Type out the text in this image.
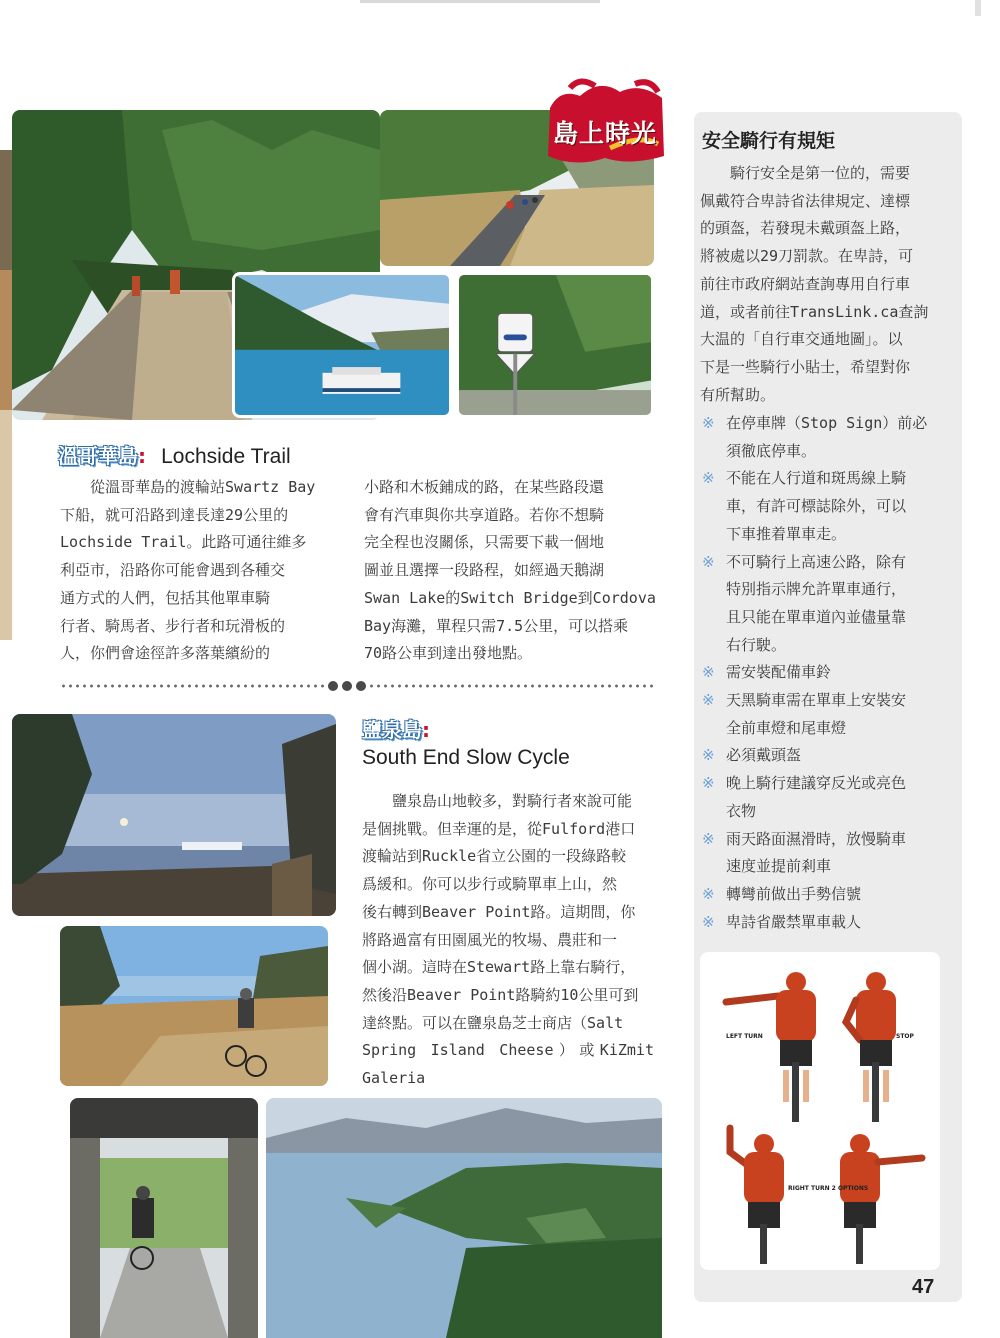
島上時光
溫哥華島: Lochside Trail
　　從溫哥華島的渡輪站Swartz Bay
下船，就可沿路到達長達29公里的
Lochside Trail。此路可通往維多
利亞市，沿路你可能會遇到各種交
通方式的人們，包括其他單車騎
行者、騎馬者、步行者和玩滑板的
人，你們會途徑許多落葉繽紛的
小路和木板鋪成的路，在某些路段還
會有汽車與你共享道路。若你不想騎
完全程也沒關係，只需要下載一個地
圖並且選擇一段路程，如經過天鵝湖
Swan Lake的Switch Bridge到Cordova
Bay海灘，單程只需7.5公里，可以搭乘
70路公車到達出發地點。
鹽泉島:
South End Slow Cycle
　　鹽泉島山地較多，對騎行者來說可能
是個挑戰。但幸運的是，從Fulford港口
渡輪站到Ruckle省立公園的一段綠路較
爲緩和。你可以步行或騎單車上山，然
後右轉到Beaver Point路。這期間，你
將路過富有田園風光的牧場、農莊和一
個小湖。這時在Stewart路上靠右騎行，
然後沿Beaver Point路騎約10公里可到
達終點。可以在鹽泉島芝士商店（Salt
Spring Island Cheese）或KiZmit Galeria

安全騎行有規矩
　　騎行安全是第一位的，需要
佩戴符合卑詩省法律規定、達標
的頭盔，若發現未戴頭盔上路，
將被處以29刀罰款。在卑詩，可
前往市政府網站查詢專用自行車
道，或者前往TransLink.ca查詢
大温的「自行車交通地圖」。以
下是一些騎行小貼士，希望對你
有所幫助。
※ 在停車牌（Stop Sign）前必
須徹底停車。
※ 不能在人行道和斑馬線上騎
車，有許可標誌除外，可以
下車推着單車走。
※ 不可騎行上高速公路，除有
特別指示牌允許單車通行，
且只能在單車道內並儘量靠
右行駛。
※ 需安裝配備車鈴
※ 天黑騎車需在單車上安裝安
全前車燈和尾車燈
※ 必須戴頭盔
※ 晚上騎行建議穿反光或亮色
衣物
※ 雨天路面濕滑時，放慢騎車
速度並提前剎車
※ 轉彎前做出手勢信號
※ 卑詩省嚴禁單車載人
LEFT TURN	STOP
RIGHT TURN 2 OPTIONS
47
